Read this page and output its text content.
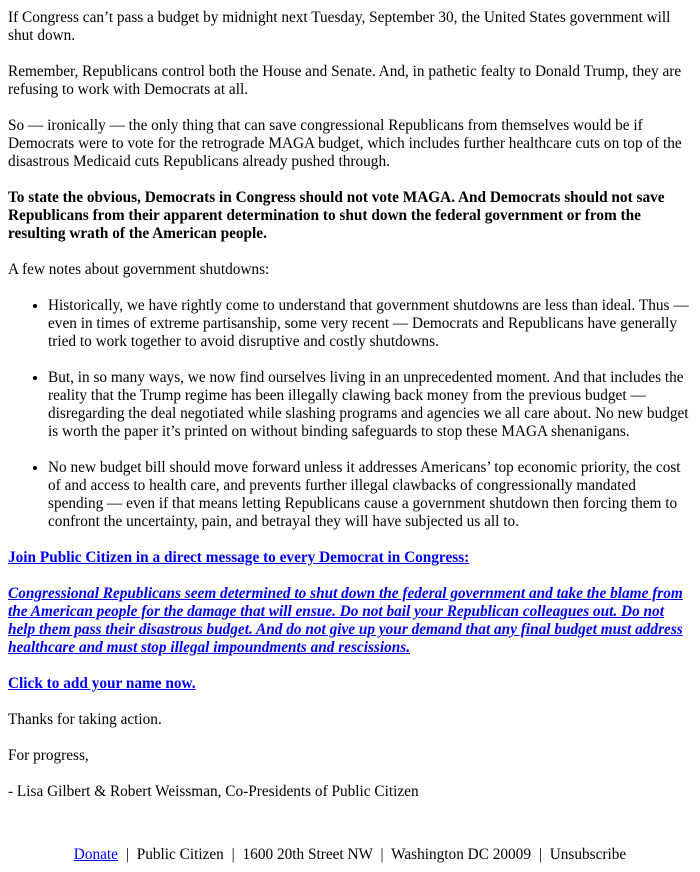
If Congress can’t pass a budget by midnight next Tuesday, September 30, the United States government will shut down.

Remember, Republicans control both the House and Senate. And, in pathetic fealty to Donald Trump, they are refusing to work with Democrats at all.

So — ironically — the only thing that can save congressional Republicans from themselves would be if Democrats were to vote for the retrograde MAGA budget, which includes further healthcare cuts on top of the disastrous Medicaid cuts Republicans already pushed through.

To state the obvious, Democrats in Congress should not vote MAGA. And Democrats should not save Republicans from their apparent determination to shut down the federal government or from the resulting wrath of the American people.

A few notes about government shutdowns:

• Historically, we have rightly come to understand that government shutdowns are less than ideal. Thus — even in times of extreme partisanship, some very recent — Democrats and Republicans have generally tried to work together to avoid disruptive and costly shutdowns.
• But, in so many ways, we now find ourselves living in an unprecedented moment. And that includes the reality that the Trump regime has been illegally clawing back money from the previous budget — disregarding the deal negotiated while slashing programs and agencies we all care about. No new budget is worth the paper it’s printed on without binding safeguards to stop these MAGA shenanigans.
• No new budget bill should move forward unless it addresses Americans’ top economic priority, the cost of and access to health care, and prevents further illegal clawbacks of congressionally mandated spending — even if that means letting Republicans cause a government shutdown then forcing them to confront the uncertainty, pain, and betrayal they will have subjected us all to.

Join Public Citizen in a direct message to every Democrat in Congress:

Congressional Republicans seem determined to shut down the federal government and take the blame from the American people for the damage that will ensue. Do not bail your Republican colleagues out. Do not help them pass their disastrous budget. And do not give up your demand that any final budget must address healthcare and must stop illegal impoundments and rescissions.

Click to add your name now.

Thanks for taking action.

For progress,

- Lisa Gilbert & Robert Weissman, Co-Presidents of Public Citizen

Donate | Public Citizen | 1600 20th Street NW | Washington DC 20009 | Unsubscribe
